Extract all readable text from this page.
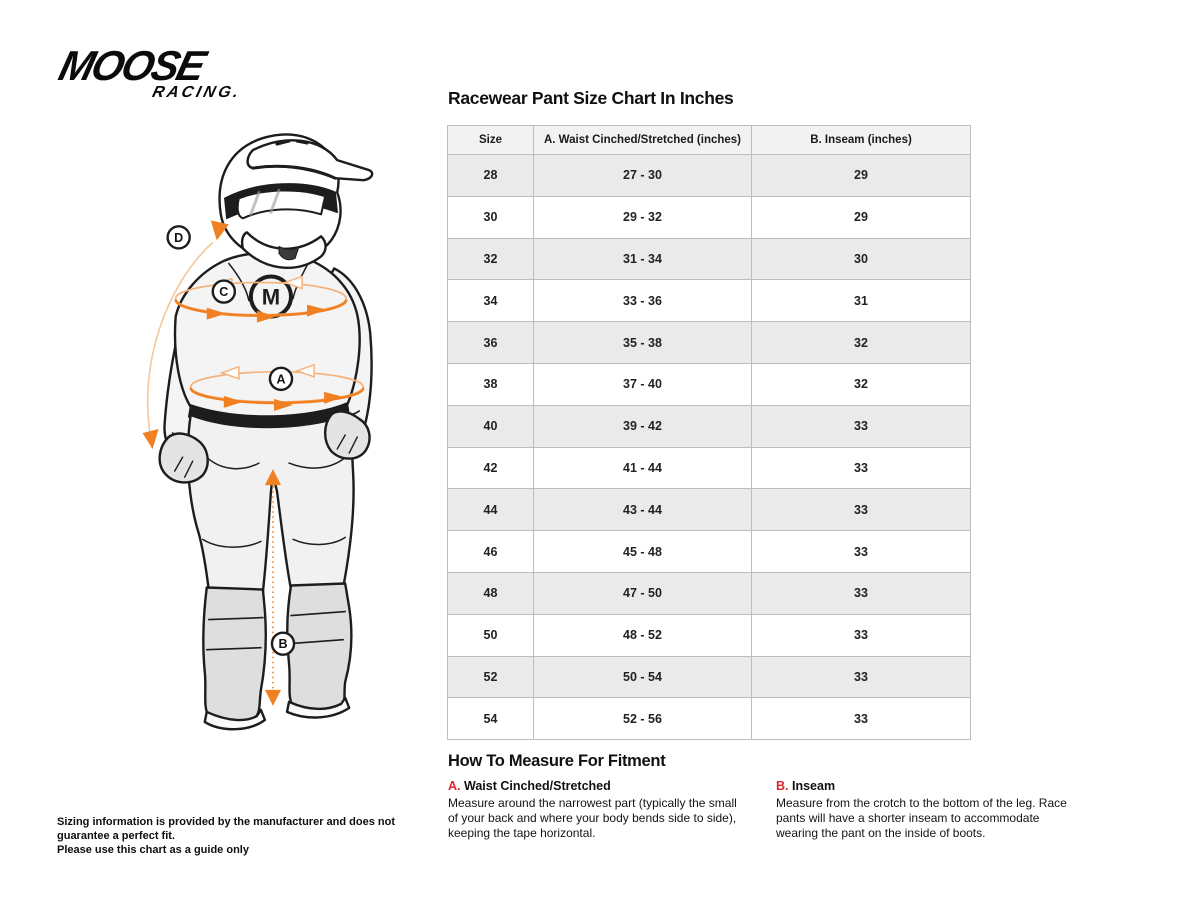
MOOSE
RACING.
M
D
C
A
B
Racewear Pant Size Chart In Inches
Size	A. Waist Cinched/Stretched (inches)	B. Inseam (inches)
28	27 - 30	29
30	29 - 32	29
32	31 - 34	30
34	33 - 36	31
36	35 - 38	32
38	37 - 40	32
40	39 - 42	33
42	41 - 44	33
44	43 - 44	33
46	45 - 48	33
48	47 - 50	33
50	48 - 52	33
52	50 - 54	33
54	52 - 56	33
How To Measure For Fitment
A. Waist Cinched/Stretched
Measure around the narrowest part (typically the small of your back and where your body bends side to side), keeping the tape horizontal.
B. Inseam
Measure from the crotch to the bottom of the leg. Race pants will have a shorter inseam to accommodate wearing the pant on the inside of boots.
Sizing information is provided by the manufacturer and does not guarantee a perfect fit.
Please use this chart as a guide only
